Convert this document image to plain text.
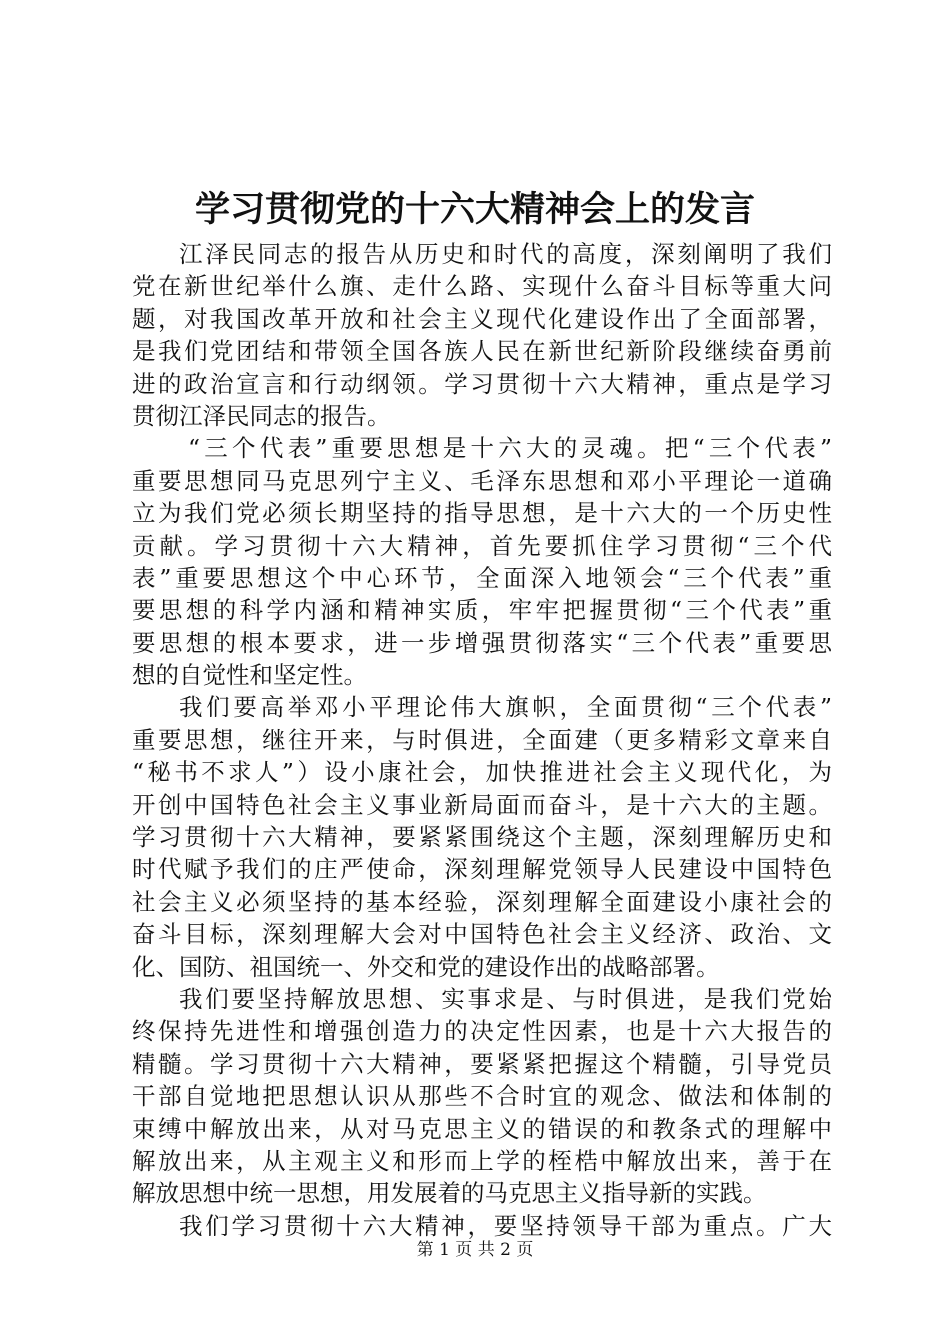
学习贯彻党的十六大精神会上的发言
江泽民同志的报告从历史和时代的高度，深刻阐明了我们
党在新世纪举什么旗、走什么路、实现什么奋斗目标等重大问
题，对我国改革开放和社会主义现代化建设作出了全面部署，
是我们党团结和带领全国各族人民在新世纪新阶段继续奋勇前
进的政治宣言和行动纲领。学习贯彻十六大精神，重点是学习
贯彻江泽民同志的报告。
“三个代表”重要思想是十六大的灵魂。把“三个代表”
重要思想同马克思列宁主义、毛泽东思想和邓小平理论一道确
立为我们党必须长期坚持的指导思想，是十六大的一个历史性
贡献。学习贯彻十六大精神，首先要抓住学习贯彻“三个代
表”重要思想这个中心环节，全面深入地领会“三个代表”重
要思想的科学内涵和精神实质，牢牢把握贯彻“三个代表”重
要思想的根本要求，进一步增强贯彻落实“三个代表”重要思
想的自觉性和坚定性。
我们要高举邓小平理论伟大旗帜，全面贯彻“三个代表”
重要思想，继往开来，与时俱进，全面建（更多精彩文章来自
“秘书不求人”）设小康社会，加快推进社会主义现代化，为
开创中国特色社会主义事业新局面而奋斗，是十六大的主题。
学习贯彻十六大精神，要紧紧围绕这个主题，深刻理解历史和
时代赋予我们的庄严使命，深刻理解党领导人民建设中国特色
社会主义必须坚持的基本经验，深刻理解全面建设小康社会的
奋斗目标，深刻理解大会对中国特色社会主义经济、政治、文
化、国防、祖国统一、外交和党的建设作出的战略部署。
我们要坚持解放思想、实事求是、与时俱进，是我们党始
终保持先进性和增强创造力的决定性因素，也是十六大报告的
精髓。学习贯彻十六大精神，要紧紧把握这个精髓，引导党员
干部自觉地把思想认识从那些不合时宜的观念、做法和体制的
束缚中解放出来，从对马克思主义的错误的和教条式的理解中
解放出来，从主观主义和形而上学的桎梏中解放出来，善于在
解放思想中统一思想，用发展着的马克思主义指导新的实践。
我们学习贯彻十六大精神，要坚持领导干部为重点。广大
第 1 页 共 2 页
